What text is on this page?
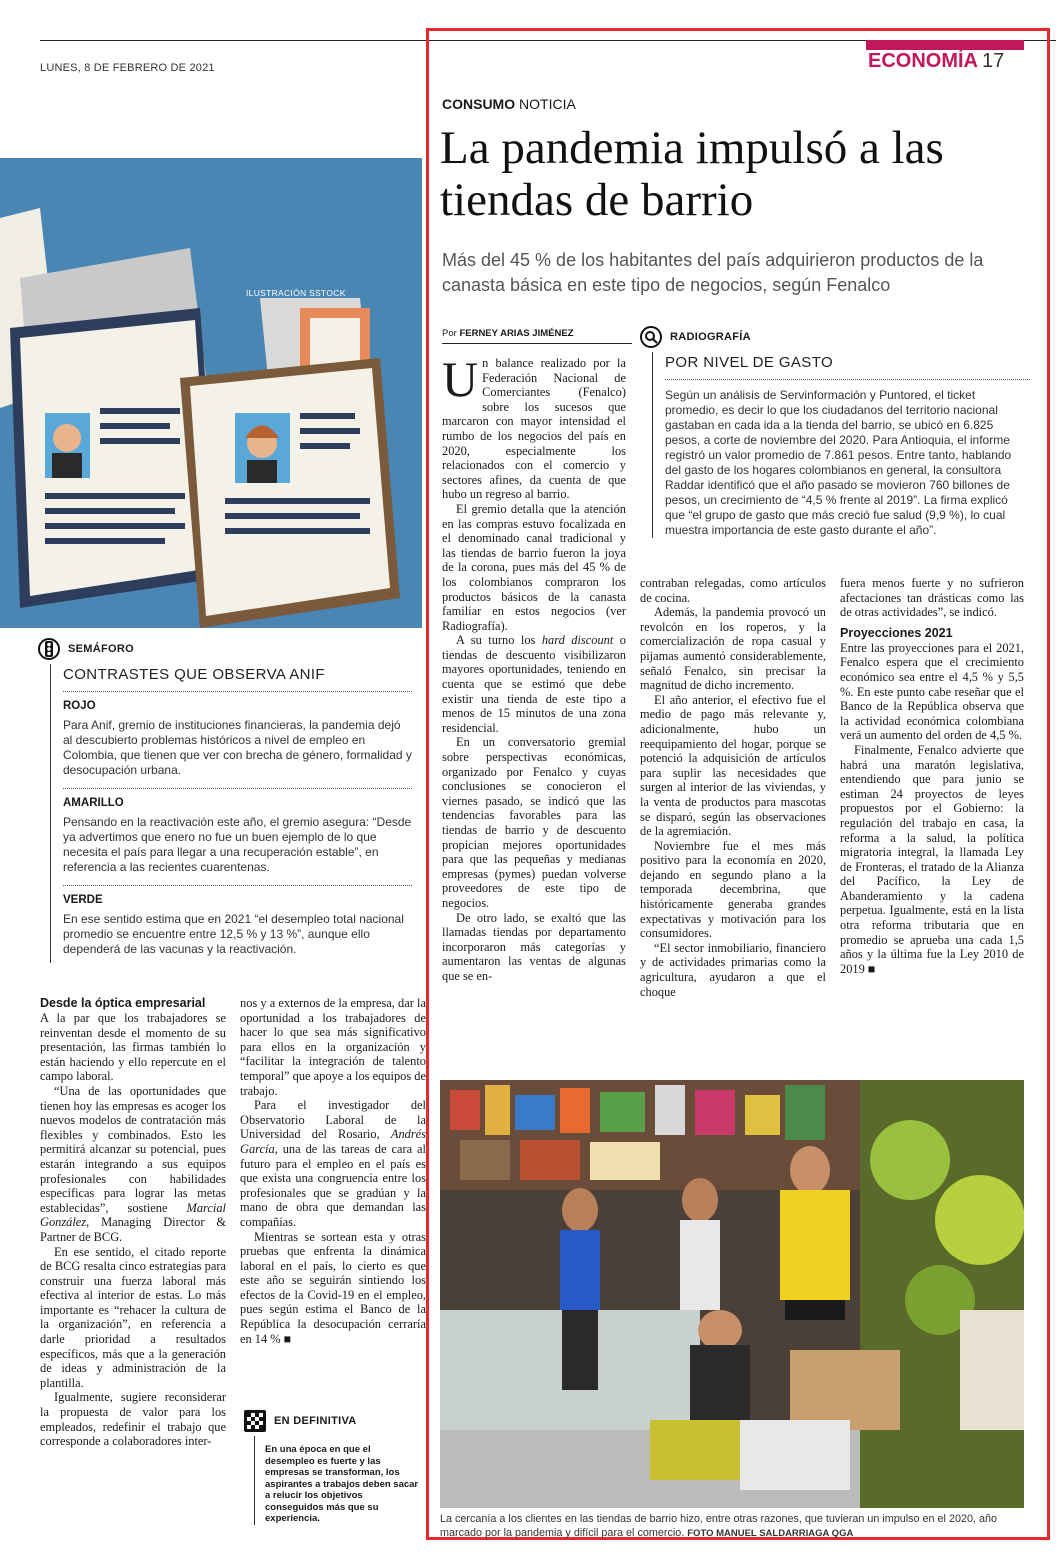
LUNES, 8 DE FEBRERO DE 2021	ECONOMÍA 17
ILUSTRACIÓN SSTOCK
CONSUMO NOTICIA
La pandemia impulsó a las tiendas de barrio
Más del 45 % de los habitantes del país adquirieron productos de la canasta básica en este tipo de negocios, según Fenalco
Por FERNEY ARIAS JIMÉNEZ	RADIOGRAFÍA
POR NIVEL DE GASTO
Según un análisis de Servinformación y Puntored, el ticket promedio, es decir lo que los ciudadanos del territorio nacional gastaban en cada ida a la tienda del barrio, se ubicó en 6.825 pesos, a corte de noviembre del 2020. Para Antioquia, el informe registró un valor promedio de 7.861 pesos. Entre tanto, hablando del gasto de los hogares colombianos en general, la consultora Raddar identificó que el año pasado se movieron 760 billones de pesos, un crecimiento de “4,5 % frente al 2019”. La firma explicó que “el grupo de gasto que más creció fue salud (9,9 %), lo cual muestra importancia de este gasto durante el año”.

Un balance realizado por la Federación Nacional de Comerciantes (Fenalco) sobre los sucesos que marcaron con mayor intensidad el rumbo de los negocios del país en 2020, especialmente los relacionados con el comercio y sectores afines, da cuenta de que hubo un regreso al barrio.

El gremio detalla que la atención en las compras estuvo focalizada en el denominado canal tradicional y las tiendas de barrio fueron la joya de la corona, pues más del 45 % de los colombianos compraron los productos básicos de la canasta familiar en estos negocios (ver Radiografía).

A su turno los hard discount o tiendas de descuento visibilizaron mayores oportunidades, teniendo en cuenta que se estimó que debe existir una tienda de este tipo a menos de 15 minutos de una zona residencial.

En un conversatorio gremial sobre perspectivas económicas, organizado por Fenalco y cuyas conclusiones se conocieron el viernes pasado, se indicó que las tendencias favorables para las tiendas de barrio y de descuento propician mejores oportunidades para que las pequeñas y medianas empresas (pymes) puedan volverse proveedores de este tipo de negocios.

De otro lado, se exaltó que las llamadas tiendas por departamento incorporaron más categorías y aumentaron las ventas de algunas que se en-

contraban relegadas, como artículos de cocina.

Además, la pandemia provocó un revolcón en los roperos, y la comercialización de ropa casual y pijamas aumentó considerablemente, señaló Fenalco, sin precisar la magnitud de dicho incremento.

El año anterior, el efectivo fue el medio de pago más relevante y, adicionalmente, hubo un reequipamiento del hogar, porque se potenció la adquisición de artículos para suplir las necesidades que surgen al interior de las viviendas, y la venta de productos para mascotas se disparó, según las observaciones de la agremiación.

Noviembre fue el mes más positivo para la economía en 2020, dejando en segundo plano a la temporada decembrina, que históricamente generaba grandes expectativas y motivación para los consumidores.

“El sector inmobiliario, financiero y de actividades primarias como la agricultura, ayudaron a que el choque

fuera menos fuerte y no sufrieron afectaciones tan drásticas como las de otras actividades”, se indicó.

Proyecciones 2021

Entre las proyecciones para el 2021, Fenalco espera que el crecimiento económico sea entre el 4,5 % y 5,5 %. En este punto cabe reseñar que el Banco de la República observa que la actividad económica colombiana verá un aumento del orden de 4,5 %.

Finalmente, Fenalco advierte que habrá una maratón legislativa, entendiendo que para junio se estiman 24 proyectos de leyes propuestos por el Gobierno: la regulación del trabajo en casa, la reforma a la salud, la política migratoria integral, la llamada Ley de Fronteras, el tratado de la Alianza del Pacífico, la Ley de Abanderamiento y la cadena perpetua. Igualmente, está en la lista otra reforma tributaria que en promedio se aprueba una cada 1,5 años y la última fue la Ley 2010 de 2019 ■

SEMÁFORO
CONTRASTES QUE OBSERVA ANIF
ROJO
Para Anif, gremio de instituciones financieras, la pandemia dejó al descubierto problemas históricos a nivel de empleo en Colombia, que tienen que ver con brecha de género, formalidad y desocupación urbana.
AMARILLO
Pensando en la reactivación este año, el gremio asegura: “Desde ya advertimos que enero no fue un buen ejemplo de lo que necesita el país para llegar a una recuperación estable”, en referencia a las recientes cuarentenas.
VERDE
En ese sentido estima que en 2021 “el desempleo total nacional promedio se encuentre entre 12,5 % y 13 %”, aunque ello dependerá de las vacunas y la reactivación.
Desde la óptica empresarial

A la par que los trabajadores se reinventan desde el momento de su presentación, las firmas también lo están haciendo y ello repercute en el campo laboral.

“Una de las oportunidades que tienen hoy las empresas es acoger los nuevos modelos de contratación más flexibles y combinados. Esto les permitirá alcanzar su potencial, pues estarán integrando a sus equipos profesionales con habilidades específicas para lograr las metas establecidas”, sostiene Marcial González, Managing Director & Partner de BCG.

En ese sentido, el citado reporte de BCG resalta cinco estrategias para construir una fuerza laboral más efectiva al interior de estas. Lo más importante es “rehacer la cultura de la organización”, en referencia a darle prioridad a resultados específicos, más que a la generación de ideas y administración de la plantilla.

Igualmente, sugiere reconsiderar la propuesta de valor para los empleados, redefinir el trabajo que corresponde a colaboradores inter-

nos y a externos de la empresa, dar la oportunidad a los trabajadores de hacer lo que sea más significativo para ellos en la organización y “facilitar la integración de talento temporal” que apoye a los equipos de trabajo.

Para el investigador del Observatorio Laboral de la Universidad del Rosario, Andrés García, una de las tareas de cara al futuro para el empleo en el país es que exista una congruencia entre los profesionales que se gradúan y la mano de obra que demandan las compañías.

Mientras se sortean esta y otras pruebas que enfrenta la dinámica laboral en el país, lo cierto es que este año se seguirán sintiendo los efectos de la Covid-19 en el empleo, pues según estima el Banco de la República la desocupación cerraría en 14 % ■

EN DEFINITIVA
En una época en que el desempleo es fuerte y las empresas se transforman, los aspirantes a trabajos deben sacar a relucir los objetivos conseguidos más que su experiencia.	La cercanía a los clientes en las tiendas de barrio hizo, entre otras razones, que tuvieran un impulso en el 2020, año marcado por la pandemia y difícil para el comercio. FOTO MANUEL SALDARRIAGA QGA
